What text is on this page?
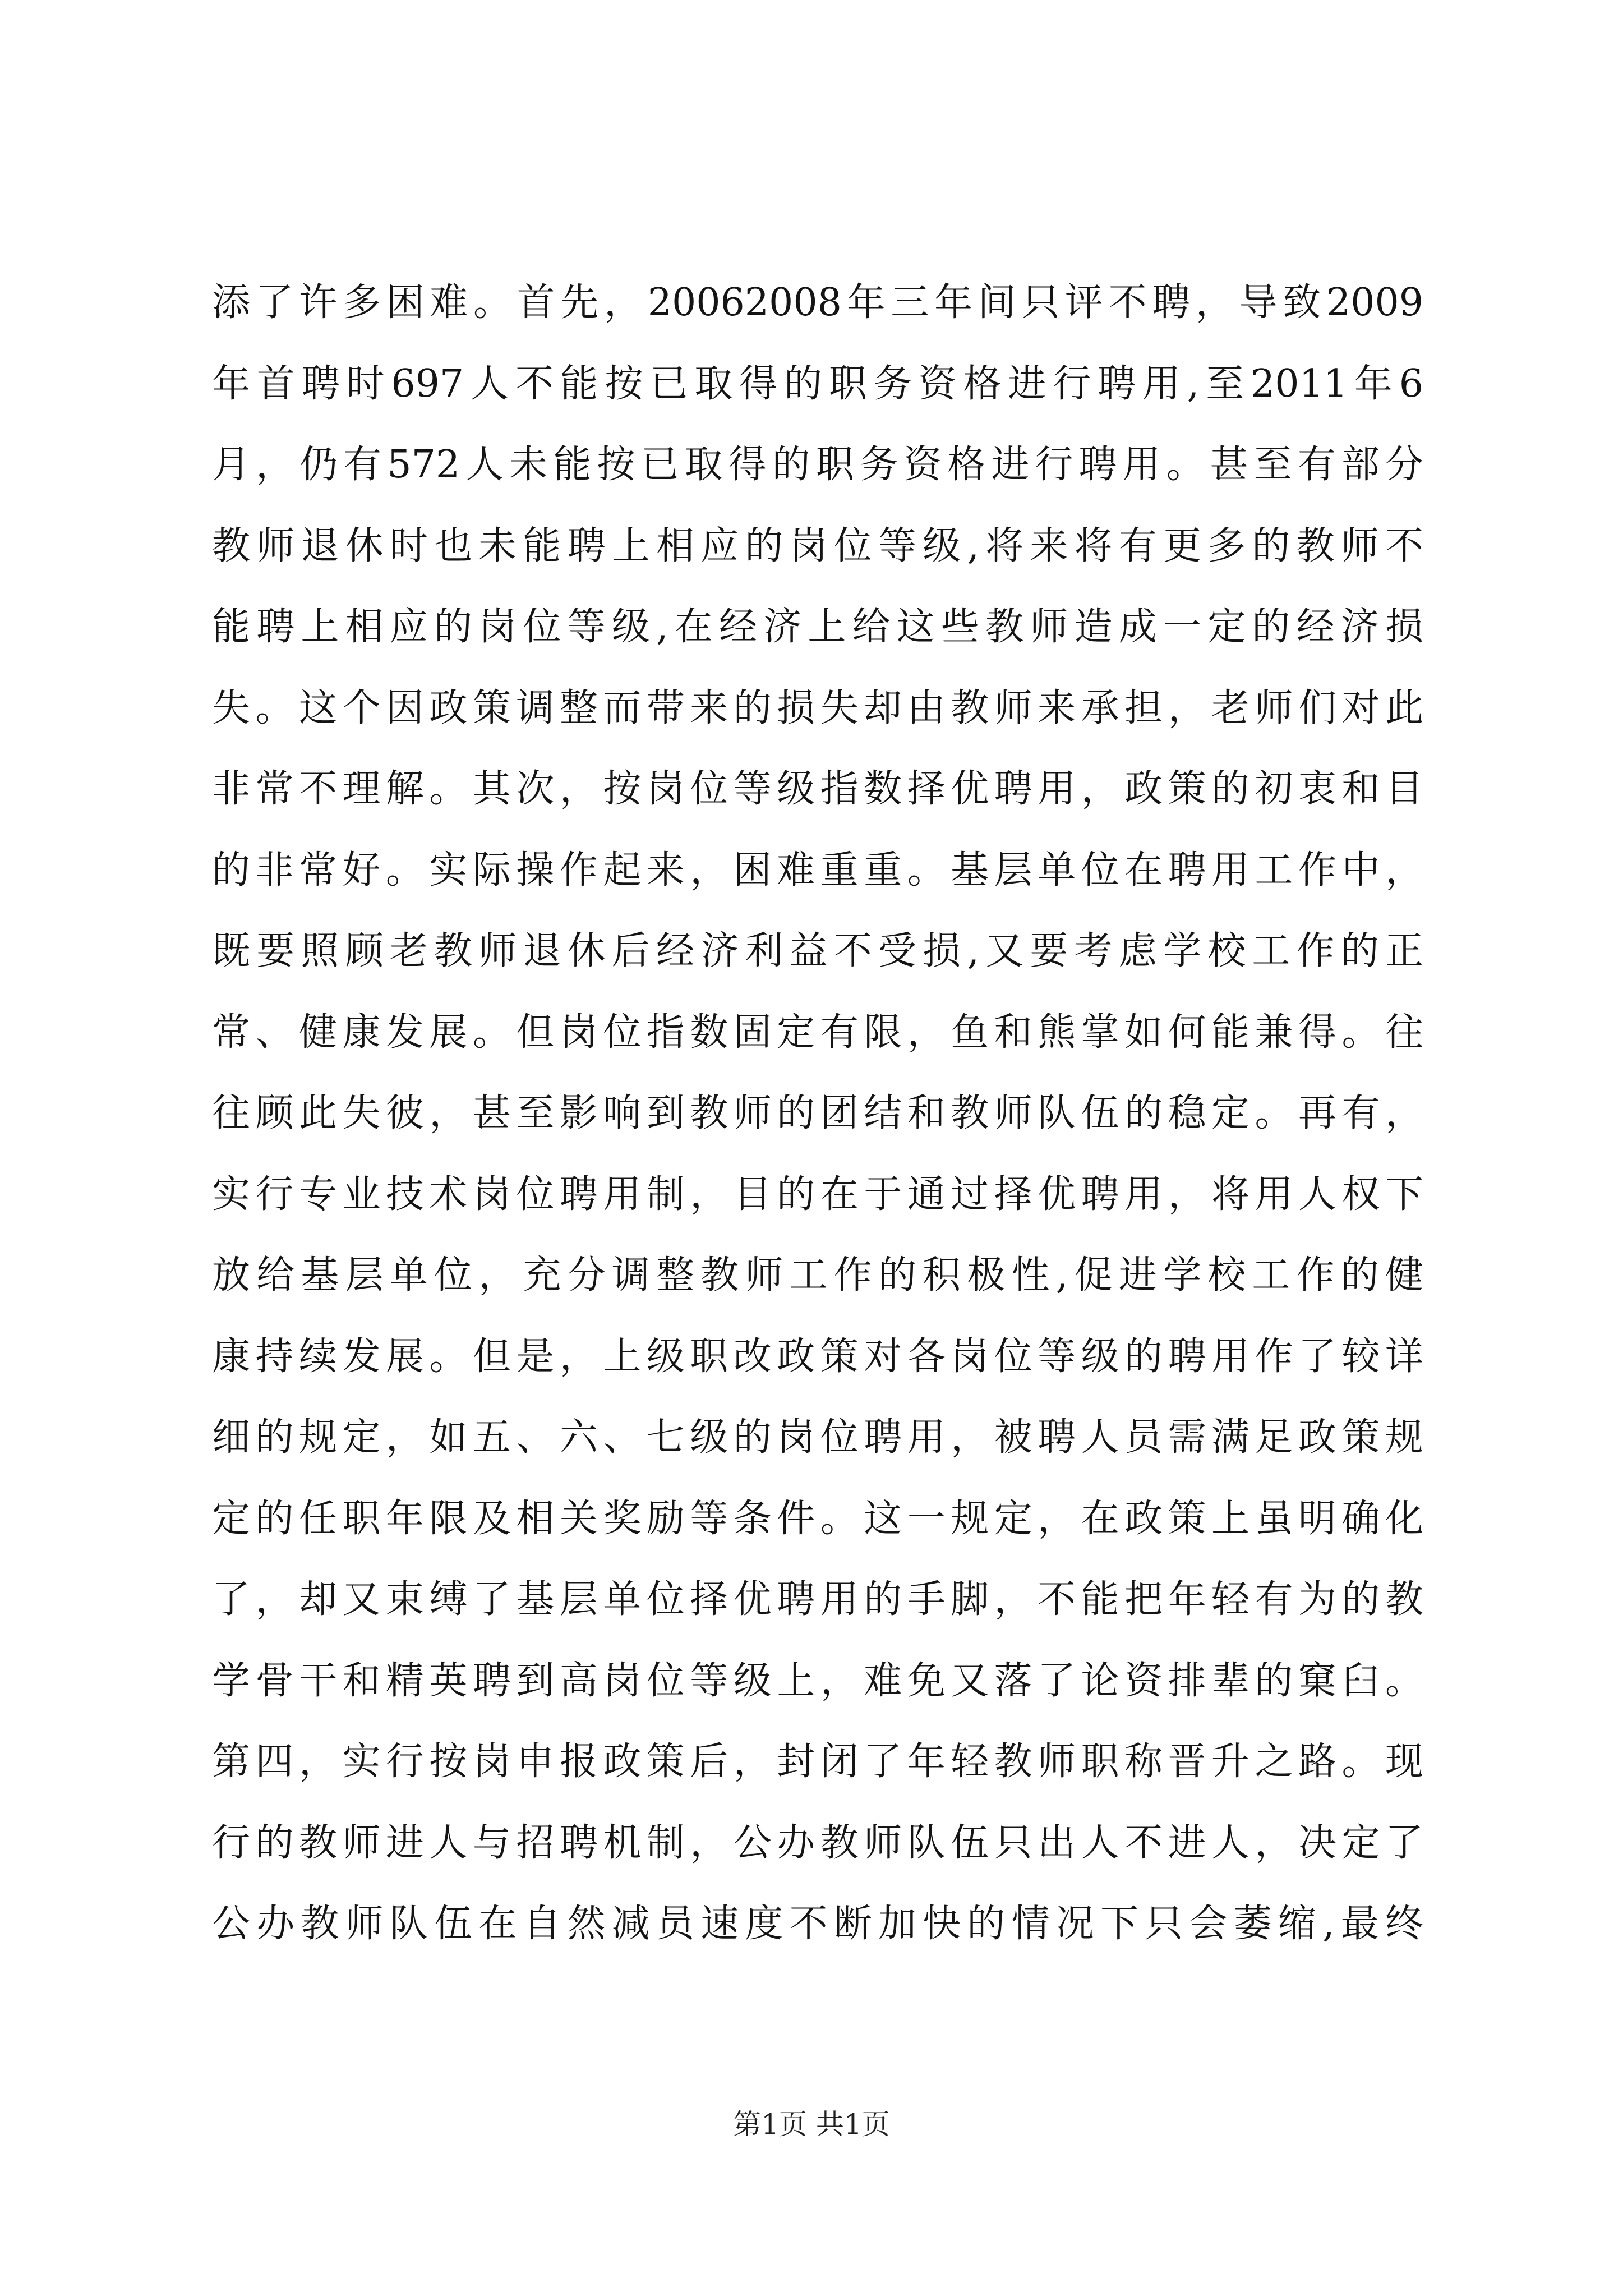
添了许多困难。首先，20062008年三年间只评不聘，导致2009
年首聘时697人不能按已取得的职务资格进行聘用,至2011年6
月，仍有572人未能按已取得的职务资格进行聘用。甚至有部分
教师退休时也未能聘上相应的岗位等级,将来将有更多的教师不
能聘上相应的岗位等级,在经济上给这些教师造成一定的经济损
失。这个因政策调整而带来的损失却由教师来承担，老师们对此
非常不理解。其次，按岗位等级指数择优聘用，政策的初衷和目
的非常好。实际操作起来，困难重重。基层单位在聘用工作中，
既要照顾老教师退休后经济利益不受损,又要考虑学校工作的正
常、健康发展。但岗位指数固定有限，鱼和熊掌如何能兼得。往
往顾此失彼，甚至影响到教师的团结和教师队伍的稳定。再有，
实行专业技术岗位聘用制，目的在于通过择优聘用，将用人权下
放给基层单位，充分调整教师工作的积极性,促进学校工作的健
康持续发展。但是，上级职改政策对各岗位等级的聘用作了较详
细的规定，如五、六、七级的岗位聘用，被聘人员需满足政策规
定的任职年限及相关奖励等条件。这一规定，在政策上虽明确化
了，却又束缚了基层单位择优聘用的手脚，不能把年轻有为的教
学骨干和精英聘到高岗位等级上，难免又落了论资排辈的窠臼。
第四，实行按岗申报政策后，封闭了年轻教师职称晋升之路。现
行的教师进人与招聘机制，公办教师队伍只出人不进人，决定了
公办教师队伍在自然减员速度不断加快的情况下只会萎缩,最终
第1页 共1页
